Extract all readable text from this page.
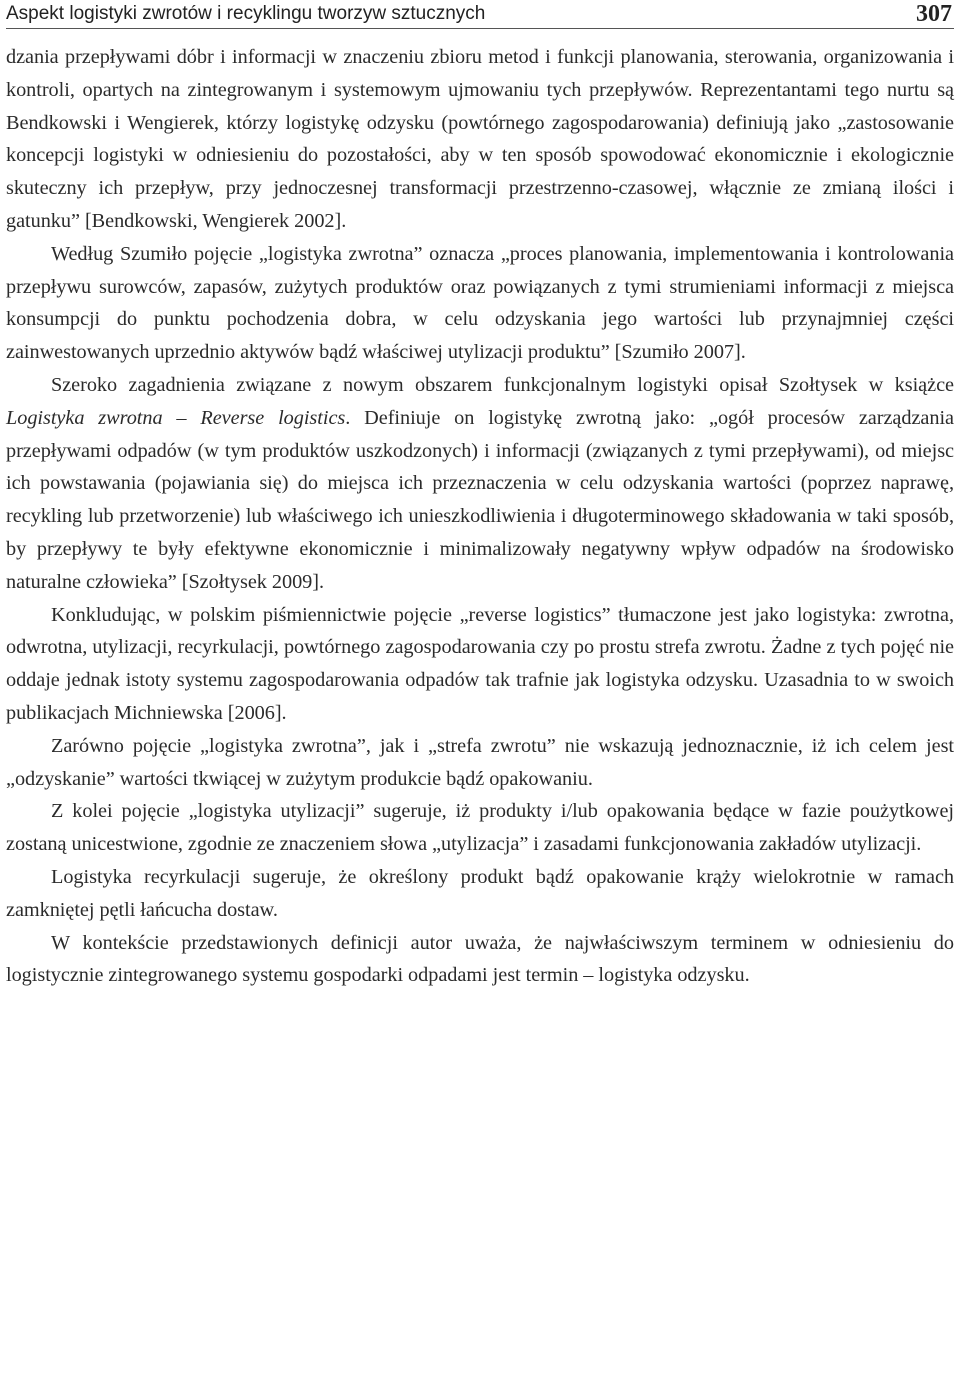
Aspekt logistyki zwrotów i recyklingu tworzyw sztucznych	307

dzania przepływami dóbr i informacji w znaczeniu zbioru metod i funkcji planowania, sterowania, organizowania i kontroli, opartych na zintegrowanym i systemowym ujmowaniu tych przepływów. Reprezentantami tego nurtu są Bendkowski i Wengierek, którzy logistykę odzysku (powtórnego zagospodarowania) definiują jako „zastosowanie koncepcji logistyki w odniesieniu do pozostałości, aby w ten sposób spowodować ekonomicznie i ekologicznie skuteczny ich przepływ, przy jednoczesnej transformacji przestrzenno-czasowej, włącznie ze zmianą ilości i gatunku” [Bendkowski, Wengierek 2002].

Według Szumiło pojęcie „logistyka zwrotna” oznacza „proces planowania, implementowania i kontrolowania przepływu surowców, zapasów, zużytych produktów oraz powiązanych z tymi strumieniami informacji z miejsca konsumpcji do punktu pochodzenia dobra, w celu odzyskania jego wartości lub przynajmniej części zainwestowanych uprzednio aktywów bądź właściwej utylizacji produktu” [Szumiło 2007].

Szeroko zagadnienia związane z nowym obszarem funkcjonalnym logistyki opisał Szołtysek w książce Logistyka zwrotna – Reverse logistics. Definiuje on logistykę zwrotną jako: „ogół procesów zarządzania przepływami odpadów (w tym produktów uszkodzonych) i informacji (związanych z tymi przepływami), od miejsc ich powstawania (pojawiania się) do miejsca ich przeznaczenia w celu odzyskania wartości (poprzez naprawę, recykling lub przetworzenie) lub właściwego ich unieszkodliwienia i długoterminowego składowania w taki sposób, by przepływy te były efektywne ekonomicznie i minimalizowały negatywny wpływ odpadów na środowisko naturalne człowieka” [Szołtysek 2009].

Konkludując, w polskim piśmiennictwie pojęcie „reverse logistics” tłumaczone jest jako logistyka: zwrotna, odwrotna, utylizacji, recyrkulacji, powtórnego zagospodarowania czy po prostu strefa zwrotu. Żadne z tych pojęć nie oddaje jednak istoty systemu zagospodarowania odpadów tak trafnie jak logistyka odzysku. Uzasadnia to w swoich publikacjach Michniewska [2006].

Zarówno pojęcie „logistyka zwrotna”, jak i „strefa zwrotu” nie wskazują jednoznacznie, iż ich celem jest „odzyskanie” wartości tkwiącej w zużytym produkcie bądź opakowaniu.

Z kolei pojęcie „logistyka utylizacji” sugeruje, iż produkty i/lub opakowania będące w fazie poużytkowej zostaną unicestwione, zgodnie ze znaczeniem słowa „utylizacja” i zasadami funkcjonowania zakładów utylizacji.

Logistyka recyrkulacji sugeruje, że określony produkt bądź opakowanie krąży wielokrotnie w ramach zamkniętej pętli łańcucha dostaw.

W kontekście przedstawionych definicji autor uważa, że najwłaściwszym terminem w odniesieniu do logistycznie zintegrowanego systemu gospodarki odpadami jest termin – logistyka odzysku.
